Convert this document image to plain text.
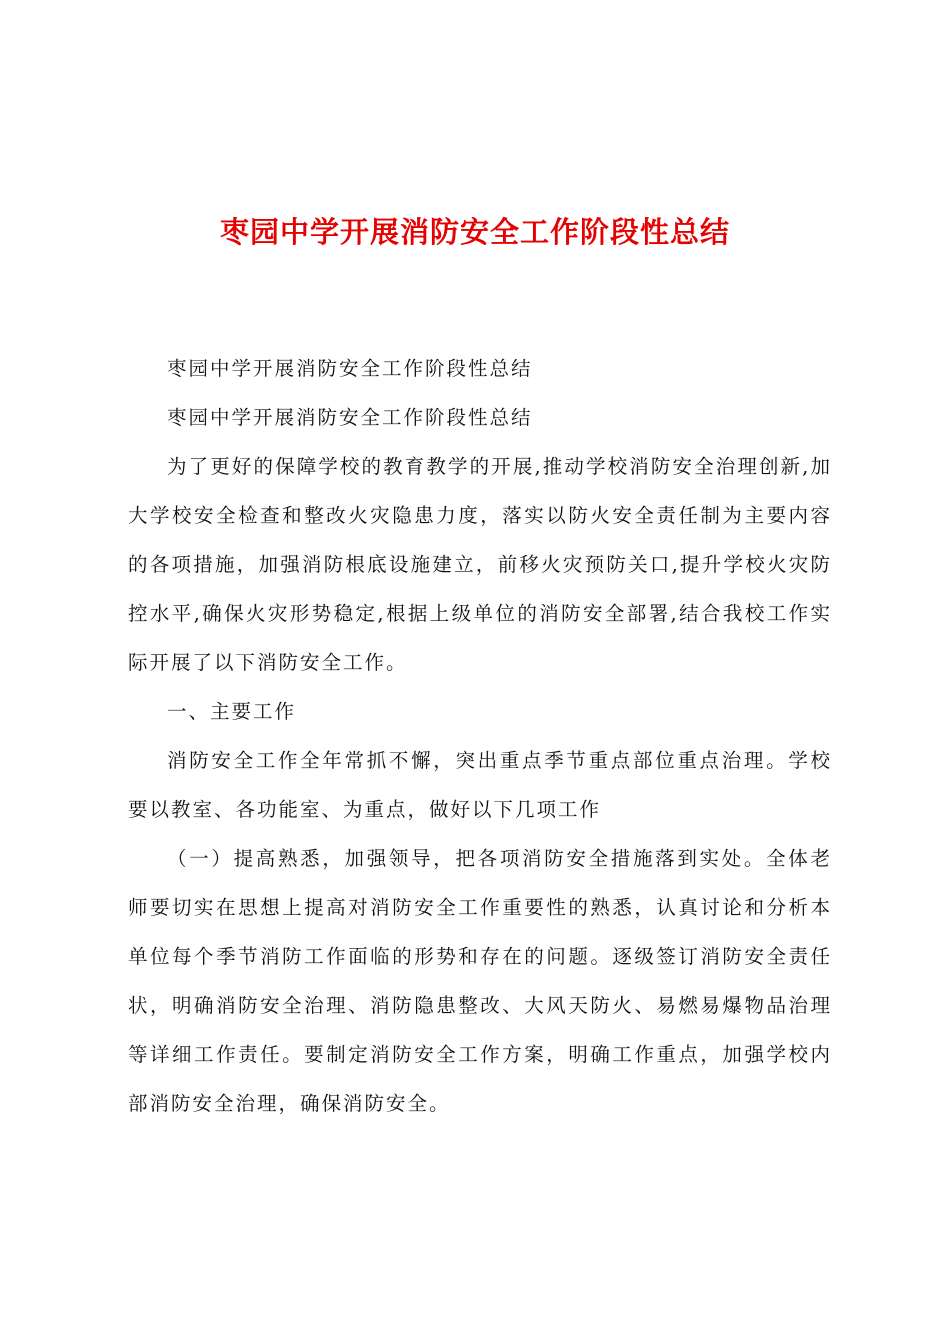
枣园中学开展消防安全工作阶段性总结

枣园中学开展消防安全工作阶段性总结

枣园中学开展消防安全工作阶段性总结

为了更好的保障学校的教育教学的开展,推动学校消防安全治理创新,加大学校安全检查和整改火灾隐患力度，落实以防火安全责任制为主要内容的各项措施，加强消防根底设施建立，前移火灾预防关口,提升学校火灾防控水平,确保火灾形势稳定,根据上级单位的消防安全部署,结合我校工作实际开展了以下消防安全工作。

一、主要工作

消防安全工作全年常抓不懈，突出重点季节重点部位重点治理。学校要以教室、各功能室、为重点，做好以下几项工作

（一）提高熟悉，加强领导，把各项消防安全措施落到实处。全体老师要切实在思想上提高对消防安全工作重要性的熟悉，认真讨论和分析本单位每个季节消防工作面临的形势和存在的问题。逐级签订消防安全责任状，明确消防安全治理、消防隐患整改、大风天防火、易燃易爆物品治理等详细工作责任。要制定消防安全工作方案，明确工作重点，加强学校内部消防安全治理，确保消防安全。
